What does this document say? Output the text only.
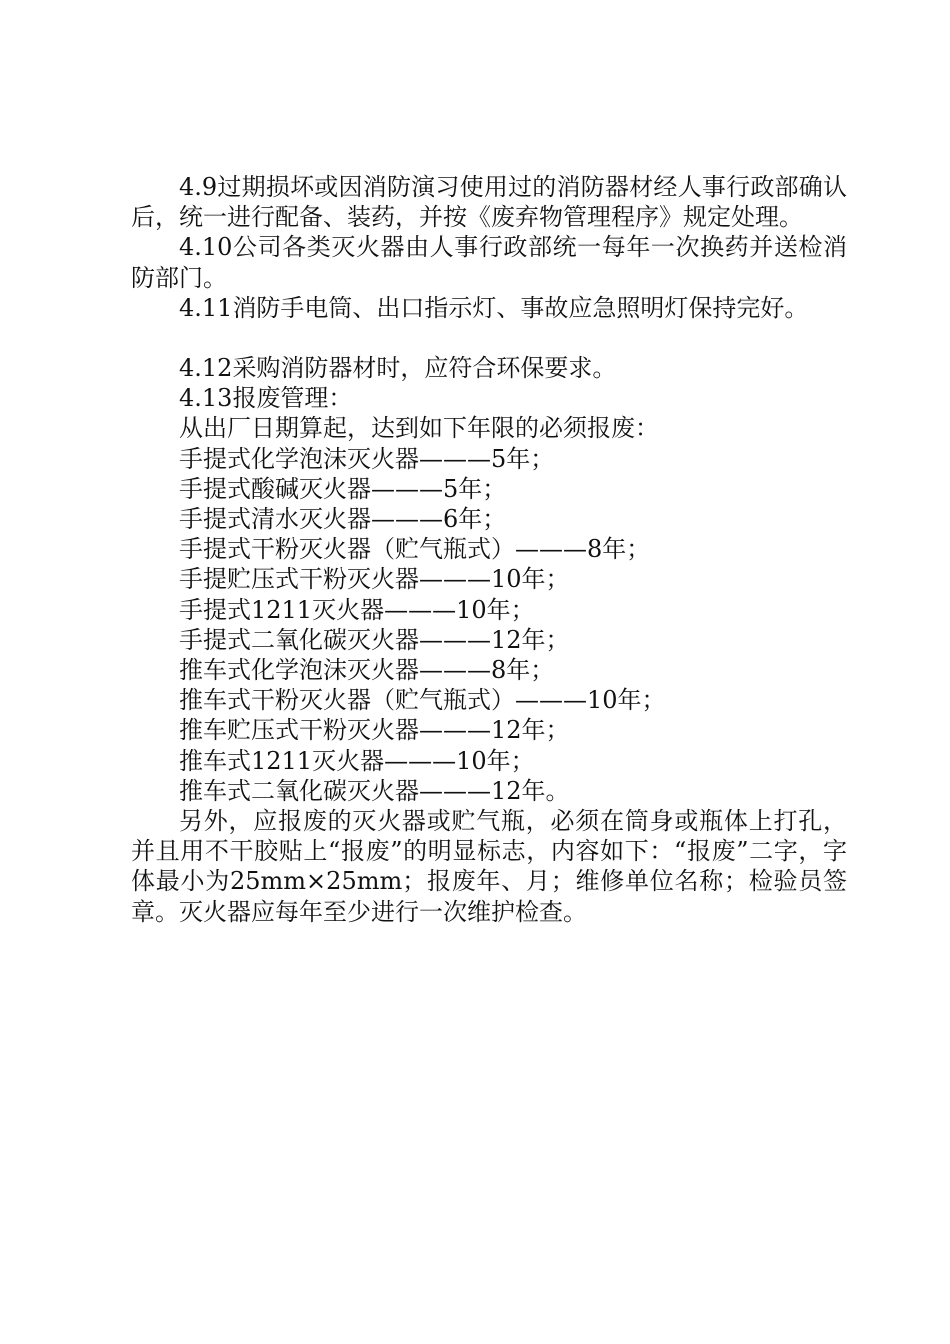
4.9过期损坏或因消防演习使用过的消防器材经人事行政部确认后，统一进行配备、装药，并按《废弃物管理程序》规定处理。

4.10公司各类灭火器由人事行政部统一每年一次换药并送检消防部门。

4.11消防手电筒、出口指示灯、事故应急照明灯保持完好。

4.12采购消防器材时，应符合环保要求。

4.13报废管理：

从出厂日期算起，达到如下年限的必须报废：

手提式化学泡沫灭火器———5年；

手提式酸碱灭火器———5年；

手提式清水灭火器———6年；

手提式干粉灭火器（贮气瓶式）———8年；

手提贮压式干粉灭火器———10年；

手提式1211灭火器———10年；

手提式二氧化碳灭火器———12年；

推车式化学泡沫灭火器———8年；

推车式干粉灭火器（贮气瓶式）———10年；

推车贮压式干粉灭火器———12年；

推车式1211灭火器———10年；

推车式二氧化碳灭火器———12年。

另外，应报废的灭火器或贮气瓶，必须在筒身或瓶体上打孔，并且用不干胶贴上“报废”的明显标志，内容如下：“报废”二字，字体最小为25mm×25mm；报废年、月；维修单位名称；检验员签章。灭火器应每年至少进行一次维护检查。
